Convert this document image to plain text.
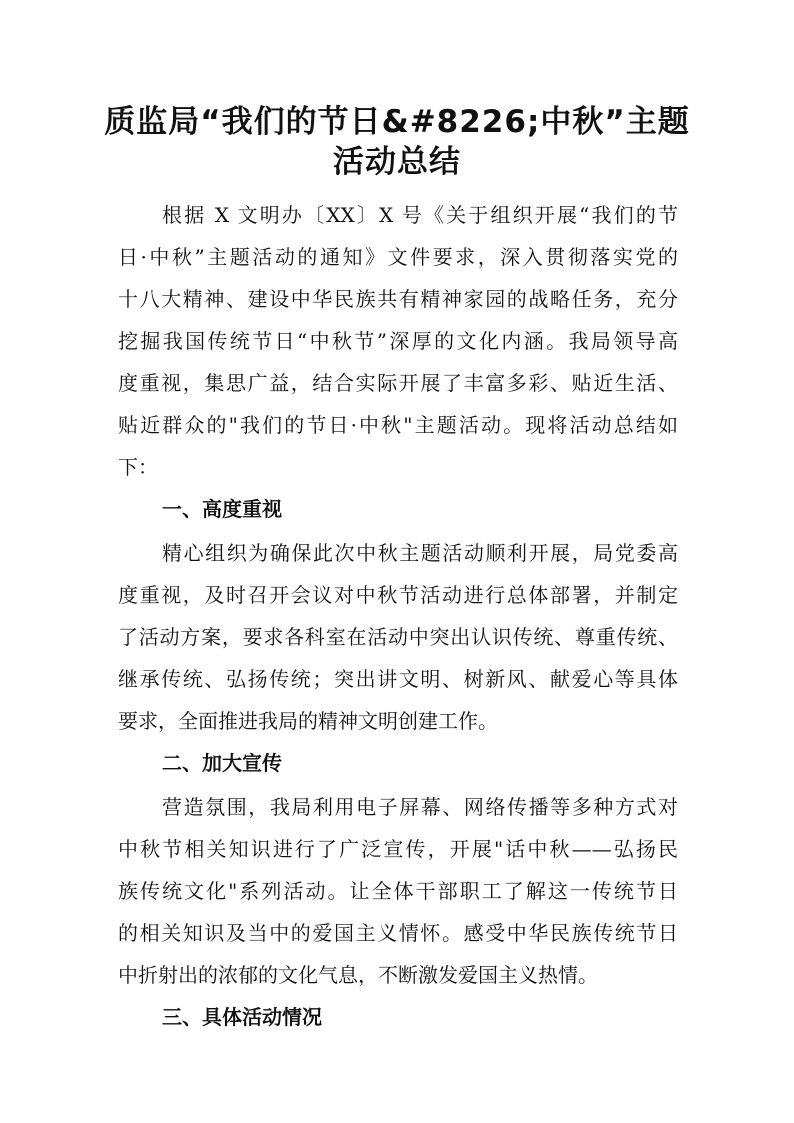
质监局“我们的节日&#8226;中秋”主题
活动总结

根据 X 文明办〔XX〕X 号《关于组织开展“我们的节

日·中秋”主题活动的通知》文件要求，深入贯彻落实党的

十八大精神、建设中华民族共有精神家园的战略任务，充分

挖掘我国传统节日“中秋节”深厚的文化内涵。我局领导高

度重视，集思广益，结合实际开展了丰富多彩、贴近生活、

贴近群众的"我们的节日·中秋"主题活动。现将活动总结如

下：

一、高度重视

精心组织为确保此次中秋主题活动顺利开展，局党委高

度重视，及时召开会议对中秋节活动进行总体部署，并制定

了活动方案，要求各科室在活动中突出认识传统、尊重传统、

继承传统、弘扬传统；突出讲文明、树新风、献爱心等具体

要求，全面推进我局的精神文明创建工作。

二、加大宣传

营造氛围，我局利用电子屏幕、网络传播等多种方式对

中秋节相关知识进行了广泛宣传，开展"话中秋——弘扬民

族传统文化"系列活动。让全体干部职工了解这一传统节日

的相关知识及当中的爱国主义情怀。感受中华民族传统节日

中折射出的浓郁的文化气息，不断激发爱国主义热情。

三、具体活动情况
